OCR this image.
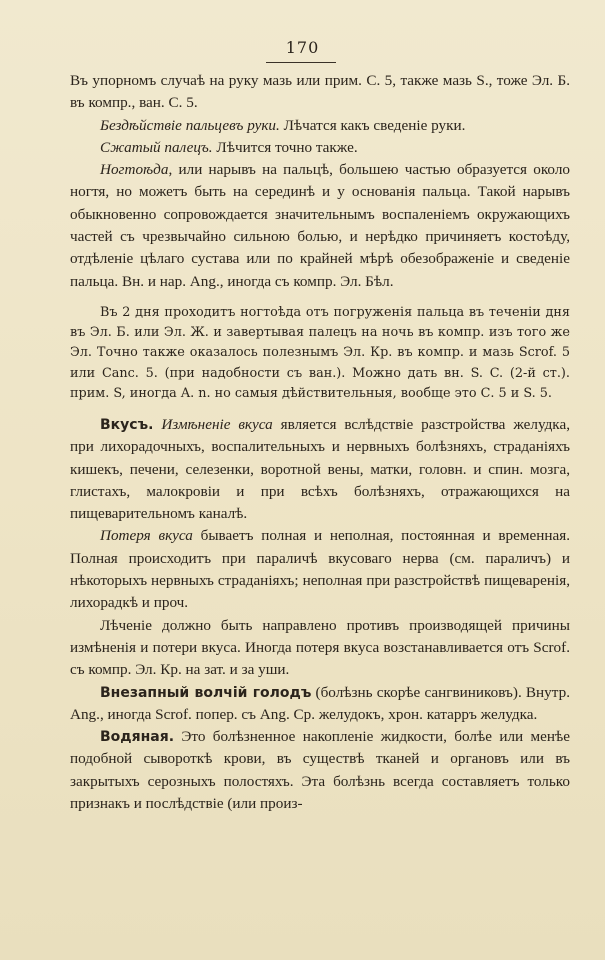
170

Въ упорномъ случаѣ на руку мазь или прим. С. 5, также мазь S., тоже Эл. Б. въ компр., ван. С. 5.

Бездѣйствіе пальцевъ руки. Лѣчатся какъ сведеніе руки.

Сжатый палецъ. Лѣчится точно также.

Ногтоѣда, или нарывъ на пальцѣ, большею частью образуется около ногтя, но можетъ быть на серединѣ и у основанія пальца. Такой нарывъ обыкновенно сопровождается значительнымъ воспаленіемъ окружающихъ частей съ чрезвычайно сильною болью, и нерѣдко причиняетъ костоѣду, отдѣленіе цѣлаго сустава или по крайней мѣрѣ обезображеніе и сведеніе пальца. Вн. и нар. Ang., иногда съ компр. Эл. Бѣл.

Въ 2 дня проходитъ ногтоѣда отъ погруженія пальца въ теченіи дня въ Эл. Б. или Эл. Ж. и завертывая палецъ на ночь въ компр. изъ того же Эл. Точно также оказалось полезнымъ Эл. Кр. въ компр. и мазь Scrof. 5 или Canc. 5. (при надобности съ ван.). Можно дать вн. S. C. (2-й ст.). прим. S, иногда A. n. но самыя дѣйствительныя, вообще это С. 5 и S. 5.

Вкусъ. Измѣненіе вкуса является вслѣдствіе разстройства желудка, при лихорадочныхъ, воспалительныхъ и нервныхъ болѣзняхъ, страданіяхъ кишекъ, печени, селезенки, воротной вены, матки, головн. и спин. мозга, глистахъ, малокровіи и при всѣхъ болѣзняхъ, отражающихся на пищеварительномъ каналѣ.

Потеря вкуса бываетъ полная и неполная, постоянная и временная. Полная происходитъ при параличѣ вкусоваго нерва (см. параличъ) и нѣкоторыхъ нервныхъ страданіяхъ; неполная при разстройствѣ пищеваренія, лихорадкѣ и проч.

Лѣченіе должно быть направлено противъ производящей причины измѣненія и потери вкуса. Иногда потеря вкуса возстанавливается отъ Scrof. съ компр. Эл. Кр. на зат. и за уши.

Внезапный волчій голодъ (болѣзнь скорѣе сангвиниковъ). Внутр. Ang., иногда Scrof. попер. съ Ang. Ср. желудокъ, хрон. катарръ желудка.

Водяная. Это болѣзненное накопленіе жидкости, болѣе или менѣе подобной сывороткѣ крови, въ существѣ тканей и органовъ или въ закрытыхъ серозныхъ полостяхъ. Эта болѣзнь всегда составляетъ только признакъ и послѣдствіе (или произ-
